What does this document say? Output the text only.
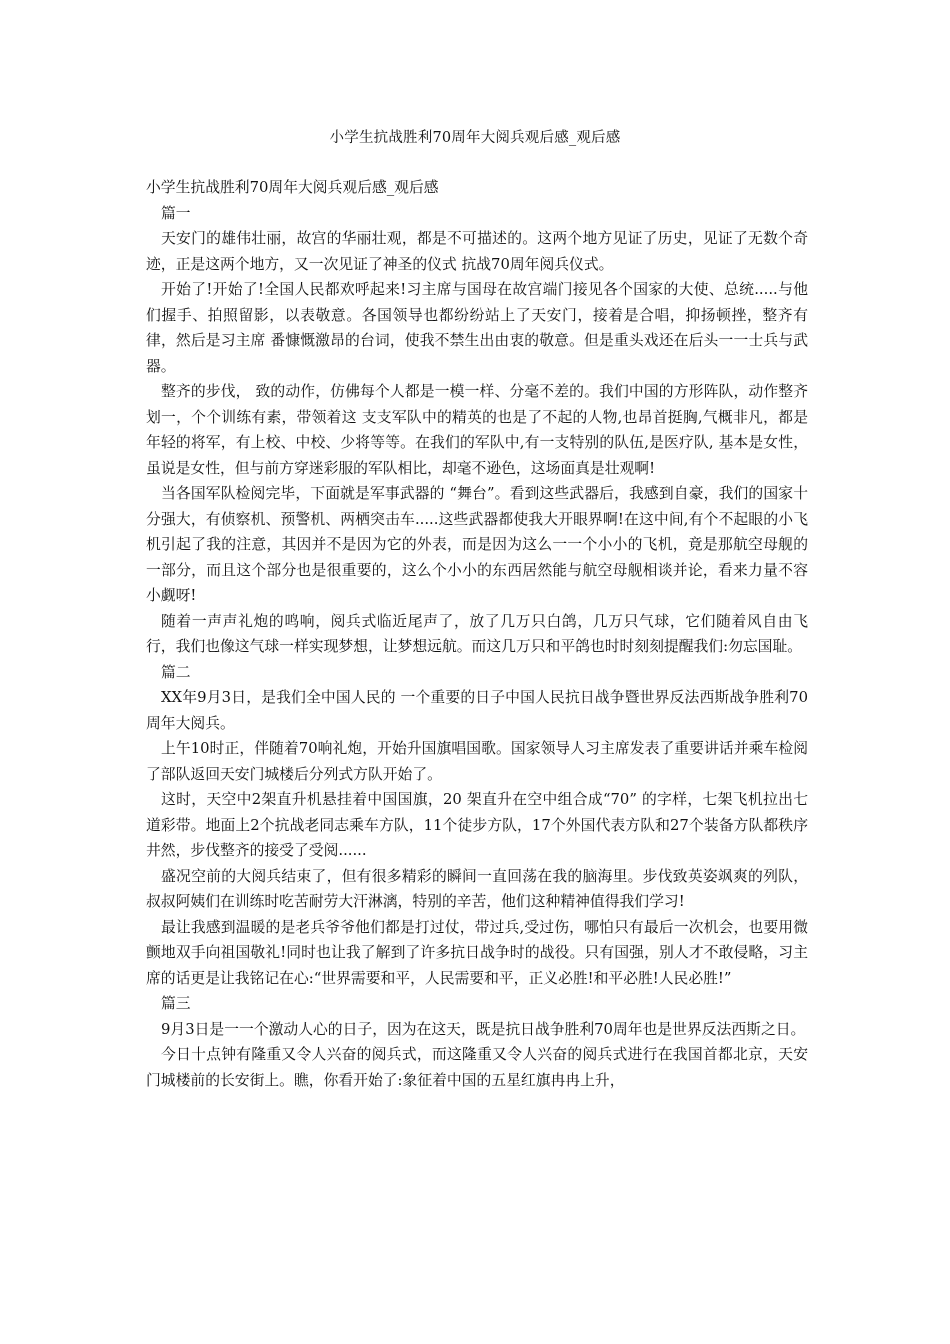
小学生抗战胜利70周年大阅兵观后感_观后感

小学生抗战胜利70周年大阅兵观后感_观后感

篇一

天安门的雄伟壮丽，故宫的华丽壮观，都是不可描述的。这两个地方见证了历史，见证了无数个奇迹，正是这两个地方，又一次见证了神圣的仪式 抗战70周年阅兵仪式。

开始了!开始了!全国人民都欢呼起来!习主席与国母在故宫端门接见各个国家的大使、总统.....与他们握手、拍照留影，以表敬意。各国领导也都纷纷站上了天安门，接着是合唱，抑扬顿挫，整齐有律，然后是习主席 番慷慨激昂的台词，使我不禁生出由衷的敬意。但是重头戏还在后头一一士兵与武器。

整齐的步伐， 致的动作，仿佛每个人都是一模一样、分毫不差的。我们中国的方形阵队，动作整齐划一，个个训练有素，带领着这 支支军队中的精英的也是了不起的人物,也昂首挺胸,气概非凡，都是年轻的将军，有上校、中校、少将等等。在我们的军队中,有一支特别的队伍,是医疗队, 基本是女性，虽说是女性，但与前方穿迷彩服的军队相比，却毫不逊色，这场面真是壮观啊!

当各国军队检阅完毕，下面就是军事武器的 “舞台”。看到这些武器后，我感到自豪，我们的国家十分强大，有侦察机、预警机、两栖突击车.....这些武器都使我大开眼界啊!在这中间,有个不起眼的小飞机引起了我的注意，其因并不是因为它的外表，而是因为这么一一个小小的飞机，竟是那航空母舰的一部分，而且这个部分也是很重要的，这么个小小的东西居然能与航空母舰相谈并论，看来力量不容小觑呀!

随着一声声礼炮的鸣响，阅兵式临近尾声了，放了几万只白鸽，几万只气球，它们随着风自由飞行，我们也像这气球一样实现梦想，让梦想远航。而这几万只和平鸽也时时刻刻提醒我们:勿忘国耻。

篇二

XX年9月3日，是我们全中国人民的 一个重要的日子中国人民抗日战争暨世界反法西斯战争胜利70周年大阅兵。

上午10时正，伴随着70响礼炮，开始升国旗唱国歌。国家领导人习主席发表了重要讲话并乘车检阅了部队返回天安门城楼后分列式方队开始了。

这时，天空中2架直升机悬挂着中国国旗，20 架直升在空中组合成“70” 的字样，七架飞机拉出七道彩带。地面上2个抗战老同志乘车方队，11个徒步方队，17个外国代表方队和27个装备方队都秩序井然，步伐整齐的接受了受阅......

盛况空前的大阅兵结束了，但有很多精彩的瞬间一直回荡在我的脑海里。步伐致英姿飒爽的列队，叔叔阿姨们在训练时吃苦耐劳大汗淋漓，特别的辛苦，他们这种精神值得我们学习!

最让我感到温暖的是老兵爷爷他们都是打过仗，带过兵,受过伤，哪怕只有最后一次机会，也要用微颤地双手向祖国敬礼!同时也让我了解到了许多抗日战争时的战役。只有国强，别人才不敢侵略，习主席的话更是让我铭记在心:“世界需要和平，人民需要和平，正义必胜!和平必胜!人民必胜!”

篇三

9月3日是一一个激动人心的日子，因为在这天，既是抗日战争胜利70周年也是世界反法西斯之日。

今日十点钟有隆重又令人兴奋的阅兵式，而这隆重又令人兴奋的阅兵式进行在我国首都北京，天安门城楼前的长安街上。瞧，你看开始了:象征着中国的五星红旗冉冉上升，
